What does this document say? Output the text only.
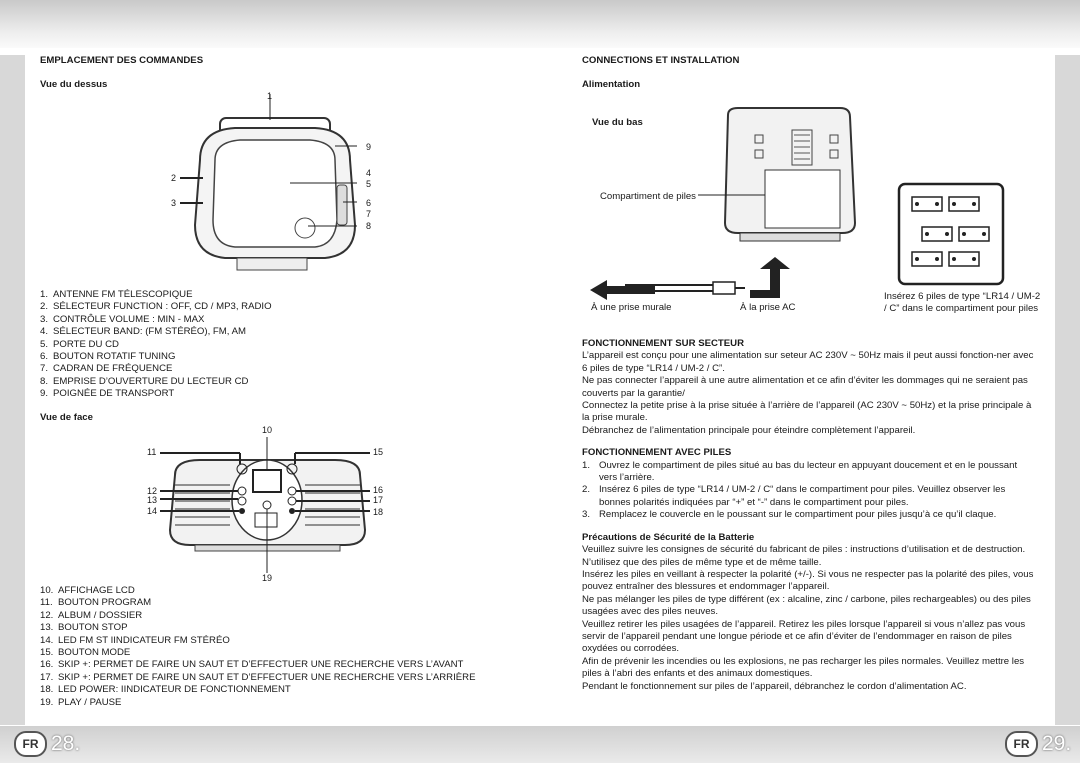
EMPLACEMENT DES COMMANDES
Vue du dessus
1
2
3
4
5
6
7
8
9
1. ANTENNE FM TÉLESCOPIQUE
2. SÉLECTEUR FUNCTION : OFF, CD / MP3, RADIO
3. CONTRÔLE VOLUME : MIN - MAX
4. SÉLECTEUR BAND: (FM STÉRÉO), FM, AM
5. PORTE DU CD
6. BOUTON ROTATIF TUNING
7. CADRAN DE FRÉQUENCE
8. EMPRISE D’OUVERTURE DU LECTEUR CD
9. POIGNÉE DE TRANSPORT
Vue de face
10
11
12
13
14
15
16
17
18
19
10. AFFICHAGE LCD
11. BOUTON PROGRAM
12. ALBUM / DOSSIER
13. BOUTON STOP
14. LED FM ST IINDICATEUR FM STÉRÉO
15. BOUTON MODE
16. SKIP +: PERMET DE FAIRE UN SAUT ET D’EFFECTUER UNE RECHERCHE VERS L’AVANT
17. SKIP +: PERMET DE FAIRE UN SAUT ET D’EFFECTUER UNE RECHERCHE VERS L’ARRIÈRE
18. LED POWER: IINDICATEUR DE FONCTIONNEMENT
19. PLAY / PAUSE
FR 28.
CONNECTIONS ET INSTALLATION
Alimentation
Vue du bas
Compartiment de piles
À une prise murale	À la prise AC
Insérez 6 piles de type “LR14 / UM-2 / C” dans le compartiment pour piles
FONCTIONNEMENT SUR SECTEUR

L’appareil est conçu pour une alimentation sur seteur AC 230V ~ 50Hz mais il peut aussi fonction-ner avec 6 piles de type “LR14 / UM-2 / C”.

Ne pas connecter l’appareil à une autre alimentation et ce afin d’éviter les dommages qui ne seraient pas couverts par la garantie/

Connectez la petite prise à la prise située à l’arrière de l’appareil (AC 230V ~ 50Hz) et la prise principale à la prise murale.

Débranchez de l’alimentation principale pour éteindre complètement l’appareil.

FONCTIONNEMENT AVEC PILES
1. Ouvrez le compartiment de piles situé au bas du lecteur en appuyant doucement et en le poussant vers l’arrière.
2. Insérez 6 piles de type “LR14 / UM-2 / C“ dans le compartiment pour piles. Veuillez observer les bonnes polarités indiquées par “+” et “-” dans le compartiment pour piles.
3. Remplacez le couvercle en le poussant sur le compartiment pour piles jusqu’à ce qu’il claque.
Précautions de Sécurité de la Batterie

Veuillez suivre les consignes de sécurité du fabricant de piles : instructions d’utilisation et de destruction.

N’utilisez que des piles de même type et de même taille.

Insérez les piles en veillant à respecter la polarité (+/-). Si vous ne respecter pas la polarité des piles, vous pouvez entraîner des blessures et endommager l’appareil.

Ne pas mélanger les piles de type différent (ex : alcaline, zinc / carbone, piles rechargeables) ou des piles usagées avec des piles neuves.

Veuillez retirer les piles usagées de l’appareil. Retirez les piles lorsque l’appareil si vous n’allez pas vous servir de l’appareil pendant une longue période et ce afin d’éviter de l’endommager en raison de piles oxydées ou corrodées.

Afin de prévenir les incendies ou les explosions, ne pas recharger les piles normales. Veuillez mettre les piles à l’abri des enfants et des animaux domestiques.

Pendant le fonctionnement sur piles de l’appareil, débranchez le cordon d’alimentation AC.

FR 29.
